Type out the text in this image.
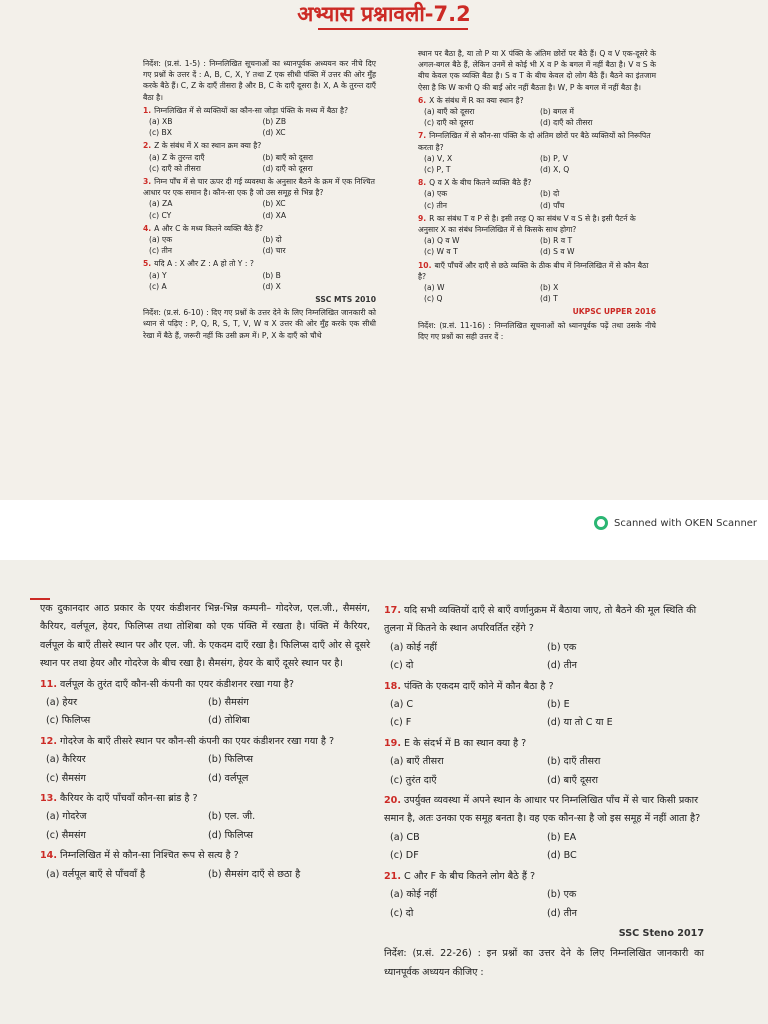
अभ्यास प्रश्नावली-7.2
निर्देश: (प्र.सं. 1-5) : निम्नलिखित सूचनाओं का ध्यानपूर्वक अध्ययन कर नीचे दिए गए प्रश्नों के उत्तर दें : A, B, C, X, Y तथा Z एक सीधी पंक्ति में उत्तर की ओर मुँह करके बैठे हैं। C, Z के दाएँ तीसरा है और B, C के दाएँ दूसरा है। X, A के तुरन्त दाएँ बैठा है।
1. निम्नलिखित में से व्यक्तियों का कौन-सा जोड़ा पंक्ति के मध्य में बैठा है?
(a) XB	(b) ZB
(c) BX	(d) XC
2. Z के संबंध में X का स्थान क्रम क्या है?
(a) Z के तुरन्त दाएँ	(b) बाएँ को दूसरा
(c) दाएँ को तीसरा	(d) दाएँ को दूसरा
3. निम्न पाँच में से चार ऊपर दी गई व्यवस्था के अनुसार बैठने के क्रम में एक निश्चित आधार पर एक समान है। कौन-सा एक है जो उस समूह से भिन्न है?
(a) ZA	(b) XC
(c) CY	(d) XA
4. A और C के मध्य कितने व्यक्ति बैठे हैं?
(a) एक	(b) दो
(c) तीन	(d) चार
5. यदि A : X और Z : A हो तो Y : ?
(a) Y	(b) B
(c) A	(d) X
SSC MTS 2010
निर्देश: (प्र.सं. 6-10) : दिए गए प्रश्नों के उत्तर देने के लिए निम्नलिखित जानकारी को ध्यान से पढ़िए : P, Q, R, S, T, V, W व X उत्तर की ओर मुँह करके एक सीधी रेखा में बैठे हैं, जरूरी नहीं कि उसी क्रम में। P, X के दाएँ को चौथे
स्थान पर बैठा है, या तो P या X पंक्ति के अंतिम छोरों पर बैठे हैं। Q व V एक-दूसरे के अगल-बगल बैठे हैं, लेकिन उनमें से कोई भी X व P के बगल में नहीं बैठा है। V व S के बीच केवल एक व्यक्ति बैठा है। S व T के बीच केवल दो लोग बैठे हैं। बैठने का इंतजाम ऐसा है कि W कभी Q की बाईं ओर नहीं बैठता है। W, P के बगल में नहीं बैठा है।
6. X के संबंध में R का क्या स्थान है?
(a) बाएँ को दूसरा	(b) बगल में
(c) दाएँ को दूसरा	(d) दाएँ को तीसरा
7. निम्नलिखित में से कौन-सा पंक्ति के दो अंतिम छोरों पर बैठे व्यक्तियों को निरूपित करता है?
(a) V, X	(b) P, V
(c) P, T	(d) X, Q
8. Q व X के बीच कितने व्यक्ति बैठे हैं?
(a) एक	(b) दो
(c) तीन	(d) पाँच
9. R का संबंध T व P से है। इसी तरह Q का संबंध V व S से है। इसी पैटर्न के अनुसार X का संबंध निम्नलिखित में से किसके साथ होगा?
(a) Q व W	(b) R व T
(c) W व T	(d) S व W
10. बाएँ पाँचवें और दाएँ से छठे व्यक्ति के ठीक बीच में निम्नलिखित में से कौन बैठा है?
(a) W	(b) X
(c) Q	(d) T
UKPSC UPPER 2016
निर्देश: (प्र.सं. 11-16) : निम्नलिखित सूचनाओं को ध्यानपूर्वक पढ़ें तथा उसके नीचे दिए गए प्रश्नों का सही उत्तर दें :
Scanned with OKEN Scanner
एक दुकानदार आठ प्रकार के एयर कंडीशनर भिन्न-भिन्न कम्पनी– गोदरेज, एल.जी., सैमसंग, कैरियर, वर्लपूल, हेयर, फिलिप्स तथा तोशिबा को एक पंक्ति में रखता है। पंक्ति में कैरियर, वर्लपूल के बाएँ तीसरे स्थान पर और एल. जी. के एकदम दाएँ रखा है। फिलिप्स दाएँ ओर से दूसरे स्थान पर तथा हेयर और गोदरेज के बीच रखा है। सैमसंग, हेयर के बाएँ दूसरे स्थान पर है।
11. वर्लपूल के तुरंत दाएँ कौन-सी कंपनी का एयर कंडीशनर रखा गया है?
(a) हेयर	(b) सैमसंग
(c) फिलिप्स	(d) तोशिबा
12. गोदरेज के बाएँ तीसरे स्थान पर कौन-सी कंपनी का एयर कंडीशनर रखा गया है ?
(a) कैरियर	(b) फिलिप्स
(c) सैमसंग	(d) वर्लपूल
13. कैरियर के दाएँ पाँचवाँ कौन-सा ब्रांड है ?
(a) गोदरेज	(b) एल. जी.
(c) सैमसंग	(d) फिलिप्स
14. निम्नलिखित में से कौन-सा निश्चित रूप से सत्य है ?
(a) वर्लपूल बाएँ से पाँचवाँ है	(b) सैमसंग दाएँ से छठा है
17. यदि सभी व्यक्तियों दाएँ से बाएँ वर्णानुक्रम में बैठाया जाए, तो बैठने की मूल स्थिति की तुलना में कितने के स्थान अपरिवर्तित रहेंगे ?
(a) कोई नहीं	(b) एक
(c) दो	(d) तीन
18. पंक्ति के एकदम दाएँ कोने में कौन बैठा है ?
(a) C	(b) E
(c) F	(d) या तो C या E
19. E के संदर्भ में B का स्थान क्या है ?
(a) बाएँ तीसरा	(b) दाएँ तीसरा
(c) तुरंत दाएँ	(d) बाएँ दूसरा
20. उपर्युक्त व्यवस्था में अपने स्थान के आधार पर निम्नलिखित पाँच में से चार किसी प्रकार समान है, अतः उनका एक समूह बनता है। वह एक कौन-सा है जो इस समूह में नहीं आता है?
(a) CB	(b) EA
(c) DF	(d) BC
21. C और F के बीच कितने लोग बैठे हैं ?
(a) कोई नहीं	(b) एक
(c) दो	(d) तीन
SSC Steno 2017
निर्देश: (प्र.सं. 22-26) : इन प्रश्नों का उत्तर देने के लिए निम्नलिखित जानकारी का ध्यानपूर्वक अध्ययन कीजिए :
